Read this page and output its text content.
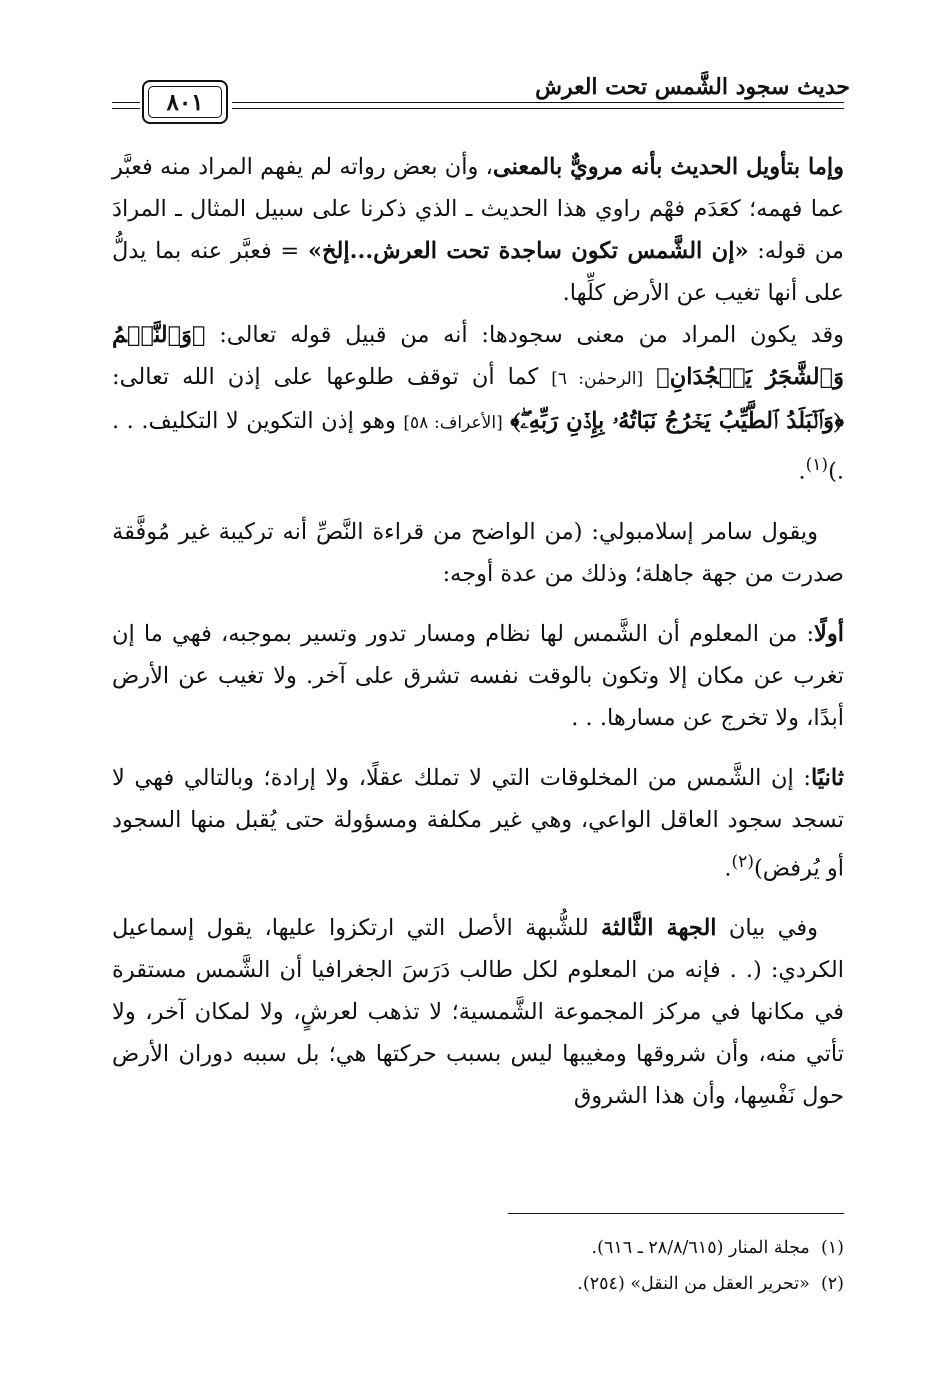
حديث سجود الشَّمس تحت العرش
٨٠١

وإما بتأويل الحديث بأنه مرويٌّ بالمعنى، وأن بعض رواته لم يفهم المراد منه فعبَّر عما فهمه؛ كعَدَم فهْم راوي هذا الحديث ـ الذي ذكرنا على سبيل المثال ـ المرادَ من قوله: «إن الشَّمس تكون ساجدة تحت العرش...إلخ» = فعبَّر عنه بما يدلُّ على أنها تغيب عن الأرض كلِّها.
وقد يكون المراد من معنى سجودها: أنه من قبيل قوله تعالى: ﴿وَٱلنَّجۡمُ وَٱلشَّجَرُ يَسۡجُدَانِ﴾ [الرحمٰن: ٦] كما أن توقف طلوعها على إذن الله تعالى: ﴿وَٱلۡبَلَدُ ٱلطَّيِّبُ يَخۡرُجُ نَبَاتُهُۥ بِإِذۡنِ رَبِّهِۦۖ﴾ [الأعراف: ٥٨] وهو إذن التكوين لا التكليف. . . .)$^{(١)}$.

ويقول سامر إسلامبولي: (من الواضح من قراءة النَّصِّ أنه تركيبة غير مُوفَّقة صدرت من جهة جاهلة؛ وذلك من عدة أوجه:

أولًا: من المعلوم أن الشَّمس لها نظام ومسار تدور وتسير بموجبه، فهي ما إن تغرب عن مكان إلا وتكون بالوقت نفسه تشرق على آخر. ولا تغيب عن الأرض أبدًا، ولا تخرج عن مسارها. . .

ثانيًا: إن الشَّمس من المخلوقات التي لا تملك عقلًا، ولا إرادة؛ وبالتالي فهي لا تسجد سجود العاقل الواعي، وهي غير مكلفة ومسؤولة حتى يُقبل منها السجود أو يُرفض)$^{(٢)}$.

وفي بيان الجهة الثَّالثة للشُّبهة الأصل التي ارتكزوا عليها، يقول إسماعيل الكردي: (. . فإنه من المعلوم لكل طالب دَرَسَ الجغرافيا أن الشَّمس مستقرة في مكانها في مركز المجموعة الشَّمسية؛ لا تذهب لعرشٍ، ولا لمكان آخر، ولا تأتي منه، وأن شروقها ومغيبها ليس بسبب حركتها هي؛ بل سببه دوران الأرض حول نَفْسِها، وأن هذا الشروق

(١)  مجلة المنار (٢٨/٨/٦١٥ ـ ٦١٦).

(٢)  «تحرير العقل من النقل» (٢٥٤).
